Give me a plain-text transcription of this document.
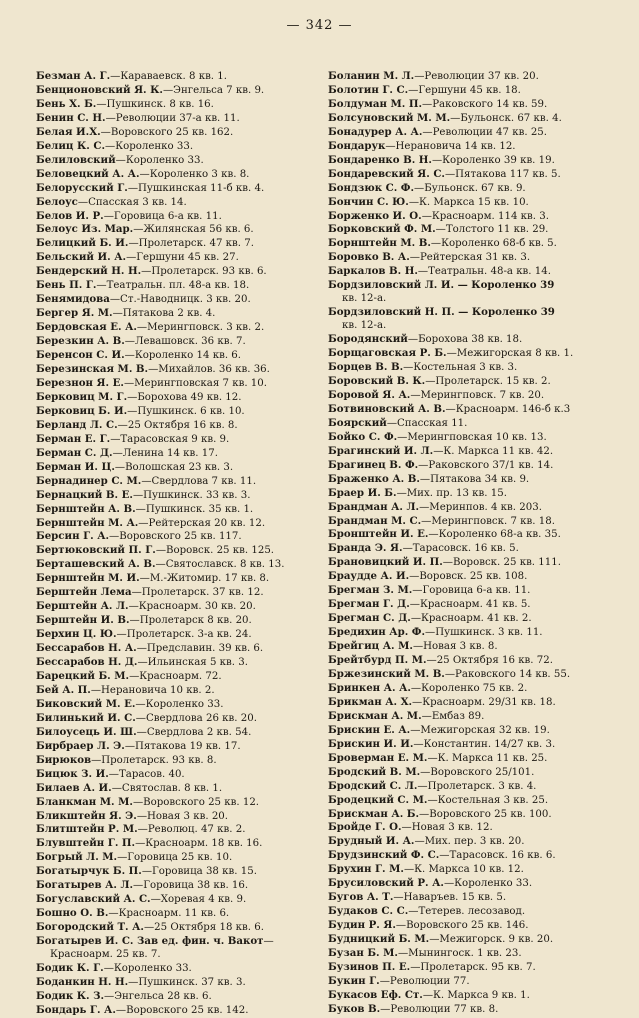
— 342 —
Безман А. Г.—Караваевск. 8 кв. 1.
Бенционовский Я. К.—Энгельса 7 кв. 9.
Бень Х. Б.—Пушкинск. 8 кв. 16.
Бенин С. Н.—Революции 37-а кв. 11.
Белая И.Х.—Воровского 25 кв. 162.
Белиц К. С.—Короленко 33.
Белиловский—Короленко 33.
Беловецкий А. А.—Короленко 3 кв. 8.
Белорусский Г.—Пушкинская 11-б кв. 4.
Белоус—Спасская 3 кв. 14.
Белов И. Р.—Горовица 6-а кв. 11.
Белоус Из. Мар.—Жилянская 56 кв. 6.
Белицкий Б. И.—Пролетарск. 47 кв. 7.
Бельский И. А.—Гершуни 45 кв. 27.
Бендерский Н. Н.—Пролетарск. 93 кв. 6.
Бень П. Г.—Театральн. пл. 48-а кв. 18.
Бенямидова—Ст.-Наводницк. 3 кв. 20.
Бергер Я. М.—Пятакова 2 кв. 4.
Бердовская Е. А.—Мерингповск. 3 кв. 2.
Березкин А. В.—Левашовск. 36 кв. 7.
Беренсон С. И.—Короленко 14 кв. 6.
Березинская М. В.—Михайлов. 36 кв. 36.
Березнон Я. Е.—Мерингповская 7 кв. 10.
Берковиц М. Г.—Борохова 49 кв. 12.
Берковиц Б. И.—Пушкинск. 6 кв. 10.
Берланд Л. С.—25 Октября 16 кв. 8.
Берман Е. Г.—Тарасовская 9 кв. 9.
Берман С. Д.—Ленина 14 кв. 17.
Берман И. Ц.—Волошская 23 кв. 3.
Бернадинер С. М.—Свердлова 7 кв. 11.
Бернацкий В. Е.—Пушкинск. 33 кв. 3.
Бернштейн А. В.—Пушкинск. 35 кв. 1.
Бернштейн М. А.—Рейтерская 20 кв. 12.
Берсин Г. А.—Воровского 25 кв. 117.
Бертюковский П. Г.—Воровск. 25 кв. 125.
Берташевский А. В.—Святославск. 8 кв. 13.
Бернштейн М. И.—М.-Житомир. 17 кв. 8.
Берштейн Лема—Пролетарск. 37 кв. 12.
Берштейн А. Л.—Красноарм. 30 кв. 20.
Берштейн И. В.—Пролетарск 8 кв. 20.
Берхин Ц. Ю.—Пролетарск. 3-а кв. 24.
Бессарабов Н. А.—Предславин. 39 кв. 6.
Бессарабов Н. Д.—Ильинская 5 кв. 3.
Барецкий Б. М.—Красноарм. 72.
Бей А. П.—Нерановича 10 кв. 2.
Биковский М. Е.—Короленко 33.
Билинький И. С.—Свердлова 26 кв. 20.
Билоусець И. Ш.—Свердлова 2 кв. 54.
Бирбраер Л. Э.—Пятакова 19 кв. 17.
Бирюков—Пролетарск. 93 кв. 8.
Бицюк З. И.—Тарасов. 40.
Билаев А. И.—Святослав. 8 кв. 1.
Бланкман М. М.—Воровского 25 кв. 12.
Бликштейн Я. Э.—Новая 3 кв. 20.
Блитштейн Р. М.—Революц. 47 кв. 2.
Блувштейн Г. П.—Красноарм. 18 кв. 16.
Богрый Л. М.—Горовица 25 кв. 10.
Богатырчук Б. П.—Горовица 38 кв. 15.
Богатырев А. Л.—Горовица 38 кв. 16.
Богуславский А. С.—Хоревая 4 кв. 9.
Бошно О. В.—Красноарм. 11 кв. 6.
Богородский Т. А.—25 Октября 18 кв. 6.
Богатырев И. С. Зав ед. фин. ч. Вакот—
Красноарм. 25 кв. 7.
Бодик К. Г.—Короленко 33.
Боданкин Н. Н.—Пушкинск. 37 кв. 3.
Бодик К. З.—Энгельса 28 кв. 6.
Бондарь Г. А.—Воровского 25 кв. 142.
Боланин М. Л.—Революции 37 кв. 20.
Болотин Г. С.—Гершуни 45 кв. 18.
Болдуман М. П.—Раковского 14 кв. 59.
Болсуновский М. М.—Бульонск. 67 кв. 4.
Бонадурер А. А.—Революции 47 кв. 25.
Бондарук—Нерановича 14 кв. 12.
Бондаренко В. Н.—Короленко 39 кв. 19.
Бондаревский Я. С.—Пятакова 117 кв. 5.
Бондзюк С. Ф.—Бульонск. 67 кв. 9.
Бончин С. Ю.—К. Маркса 15 кв. 10.
Борженко И. О.—Красноарм. 114 кв. 3.
Борковский Ф. М.—Толстого 11 кв. 29.
Борнштейн М. В.—Короленко 68-б кв. 5.
Боровко В. А.—Рейтерская 31 кв. 3.
Баркалов В. Н.—Театральн. 48-а кв. 14.
Бордзиловский Л. И. — Короленко 39
кв. 12-а.
Бордзиловский Н. П. — Короленко 39
кв. 12-а.
Бородянский—Борохова 38 кв. 18.
Борщаговская Р. Б.—Межигорская 8 кв. 1.
Борцев В. В.—Костельная 3 кв. 3.
Боровский В. К.—Пролетарск. 15 кв. 2.
Боровой Я. А.—Мерингповск. 7 кв. 20.
Ботвиновский А. В.—Красноарм. 146-б к.3
Боярский—Спасская 11.
Бойко С. Ф.—Мерингповская 10 кв. 13.
Брагинский И. Л.—К. Маркса 11 кв. 42.
Брагинец В. Ф.—Раковского 37/1 кв. 14.
Браженко А. В.—Пятакова 34 кв. 9.
Браер И. Б.—Мих. пр. 13 кв. 15.
Брандман А. Л.—Меринпов. 4 кв. 203.
Брандман М. С.—Мерингповск. 7 кв. 18.
Бронштейн И. Е.—Короленко 68-а кв. 35.
Бранда Э. Я.—Тарасовск. 16 кв. 5.
Брановицкий И. П.—Воровск. 25 кв. 111.
Браудде А. И.—Воровск. 25 кв. 108.
Брегман З. М.—Горовица 6-а кв. 11.
Брегман Г. Д.—Красноарм. 41 кв. 5.
Брегман С. Д.—Красноарм. 41 кв. 2.
Бредихин Ар. Ф.—Пушкинск. 3 кв. 11.
Брейгиц А. М.—Новая 3 кв. 8.
Брейтбурд П. М.—25 Октября 16 кв. 72.
Бржезинский М. В.—Раковского 14 кв. 55.
Бринкен А. А.—Короленко 75 кв. 2.
Брикман А. Х.—Красноарм. 29/31 кв. 18.
Брискман А. М.—Ембаз 89.
Брискин Е. А.—Межигорская 32 кв. 19.
Брискин И. И.—Константин. 14/27 кв. 3.
Броверман Е. М.—К. Маркса 11 кв. 25.
Бродский В. М.—Воровского 25/101.
Бродский С. Л.—Пролетарск. 3 кв. 4.
Бродецкий С. М.—Костельная 3 кв. 25.
Брискман А. Б.—Воровского 25 кв. 100.
Бройде Г. О.—Новая 3 кв. 12.
Брудный И. А.—Мих. пер. 3 кв. 20.
Брудзинский Ф. С.—Тарасовск. 16 кв. 6.
Брухин Г. М.—К. Маркса 10 кв. 12.
Брусиловский Р. А.—Короленко 33.
Бугов А. Т.—Наваръев. 15 кв. 5.
Будаков С. С.—Тетерев. лесозавод.
Будин Р. Я.—Воровского 25 кв. 146.
Будницкий Б. М.—Межигорск. 9 кв. 20.
Бузан Б. М.—Мынингоск. 1 кв. 23.
Бузинов П. Е.—Пролетарск. 95 кв. 7.
Букин Г.—Революции 77.
Букасов Еф. Ст.—К. Маркса 9 кв. 1.
Буков В.—Революции 77 кв. 8.
